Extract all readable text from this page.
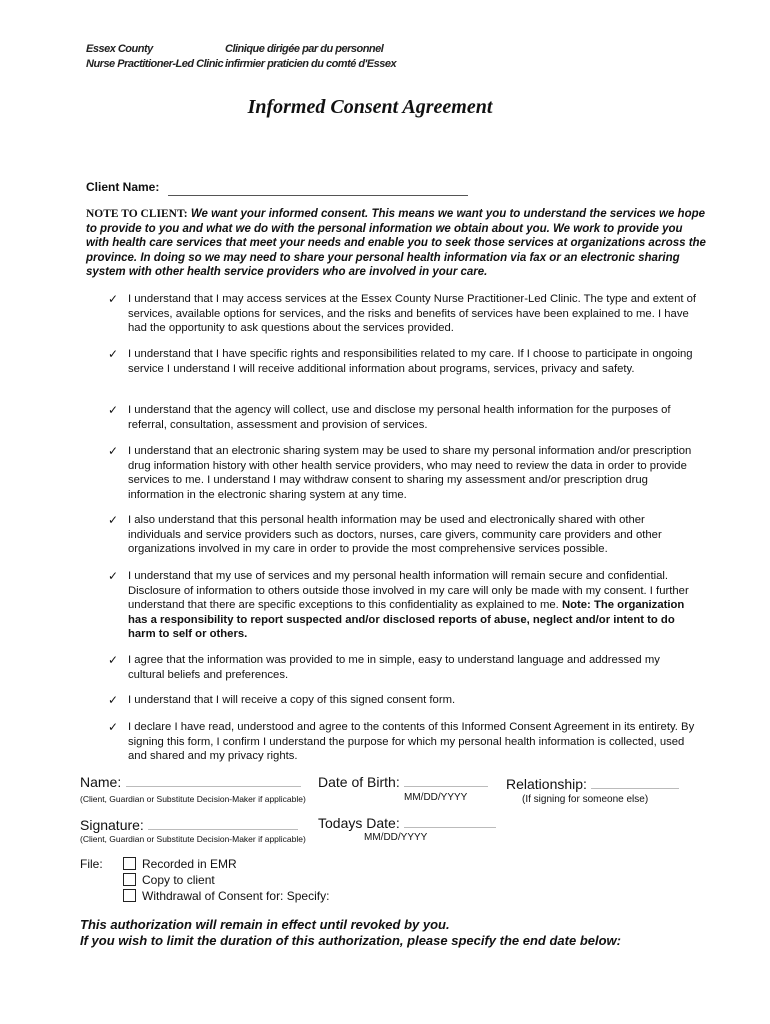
Essex County
Nurse Practitioner-Led Clinic
Clinique dirigée par du personnel
infirmier praticien du comté d'Essex
Informed Consent Agreement
Client Name:
NOTE TO CLIENT: We want your informed consent. This means we want you to understand the services we hope to provide to you and what we do with the personal information we obtain about you. We work to provide you with health care services that meet your needs and enable you to seek those services at organizations across the province. In doing so we may need to share your personal health information via fax or an electronic sharing system with other health service providers who are involved in your care.
✓ I understand that I may access services at the Essex County Nurse Practitioner-Led Clinic. The type and extent of services, available options for services, and the risks and benefits of services have been explained to me. I have had the opportunity to ask questions about the services provided.
✓ I understand that I have specific rights and responsibilities related to my care. If I choose to participate in ongoing service I understand I will receive additional information about programs, services, privacy and safety.
✓ I understand that the agency will collect, use and disclose my personal health information for the purposes of referral, consultation, assessment and provision of services.
✓ I understand that an electronic sharing system may be used to share my personal information and/or prescription drug information history with other health service providers, who may need to review the data in order to provide services to me. I understand I may withdraw consent to sharing my assessment and/or prescription drug information in the electronic sharing system at any time.
✓ I also understand that this personal health information may be used and electronically shared with other individuals and service providers such as doctors, nurses, care givers, community care providers and other organizations involved in my care in order to provide the most comprehensive services possible.
✓ I understand that my use of services and my personal health information will remain secure and confidential. Disclosure of information to others outside those involved in my care will only be made with my consent. I further understand that there are specific exceptions to this confidentiality as explained to me. Note: The organization has a responsibility to report suspected and/or disclosed reports of abuse, neglect and/or intent to do harm to self or others.
✓ I agree that the information was provided to me in simple, easy to understand language and addressed my cultural beliefs and preferences.
✓ I understand that I will receive a copy of this signed consent form.
✓ I declare I have read, understood and agree to the contents of this Informed Consent Agreement in its entirety. By signing this form, I confirm I understand the purpose for which my personal health information is collected, used and shared and my privacy rights.
Name:
(Client, Guardian or Substitute Decision-Maker if applicable)
Date of Birth:
MM/DD/YYYY
Relationship:
(If signing for someone else)
Signature:
(Client, Guardian or Substitute Decision-Maker if applicable)
Todays Date:
MM/DD/YYYY
File:	Recorded in EMR
Copy to client
Withdrawal of Consent for: Specify:
This authorization will remain in effect until revoked by you.
If you wish to limit the duration of this authorization, please specify the end date below:
